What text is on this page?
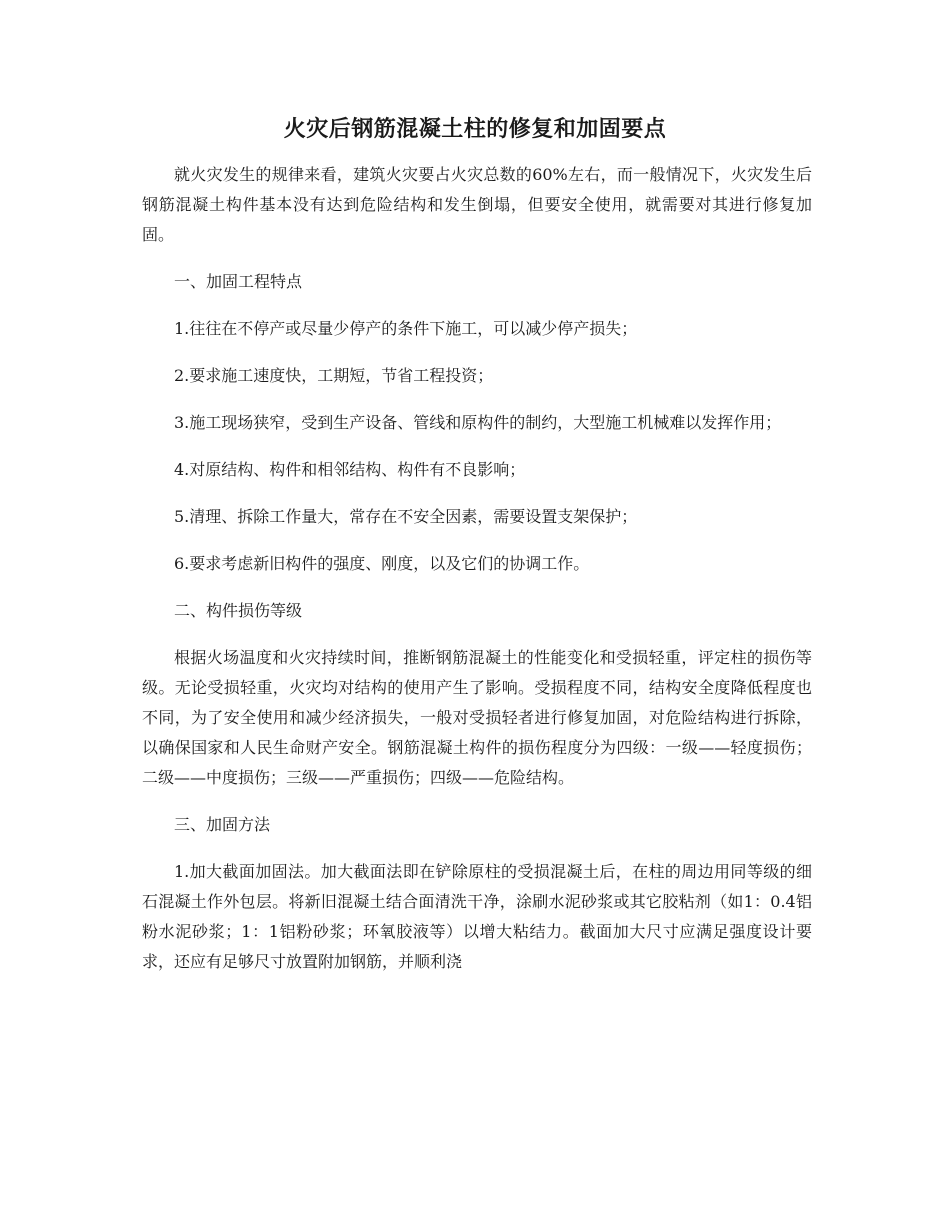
火灾后钢筋混凝土柱的修复和加固要点

就火灾发生的规律来看，建筑火灾要占火灾总数的60%左右，而一般情况下，火灾发生后钢筋混凝土构件基本没有达到危险结构和发生倒塌，但要安全使用，就需要对其进行修复加固。

一、加固工程特点

1.往往在不停产或尽量少停产的条件下施工，可以减少停产损失；

2.要求施工速度快，工期短，节省工程投资；

3.施工现场狭窄，受到生产设备、管线和原构件的制约，大型施工机械难以发挥作用；

4.对原结构、构件和相邻结构、构件有不良影响；

5.清理、拆除工作量大，常存在不安全因素，需要设置支架保护；

6.要求考虑新旧构件的强度、刚度，以及它们的协调工作。

二、构件损伤等级

根据火场温度和火灾持续时间，推断钢筋混凝土的性能变化和受损轻重，评定柱的损伤等级。无论受损轻重，火灾均对结构的使用产生了影响。受损程度不同，结构安全度降低程度也不同，为了安全使用和减少经济损失，一般对受损轻者进行修复加固，对危险结构进行拆除，以确保国家和人民生命财产安全。钢筋混凝土构件的损伤程度分为四级：一级——轻度损伤；二级——中度损伤；三级——严重损伤；四级——危险结构。

三、加固方法

1.加大截面加固法。加大截面法即在铲除原柱的受损混凝土后，在柱的周边用同等级的细石混凝土作外包层。将新旧混凝土结合面清洗干净，涂刷水泥砂浆或其它胶粘剂（如1：0.4铝粉水泥砂浆；1：1铝粉砂浆；环氧胶液等）以增大粘结力。截面加大尺寸应满足强度设计要求，还应有足够尺寸放置附加钢筋，并顺利浇
